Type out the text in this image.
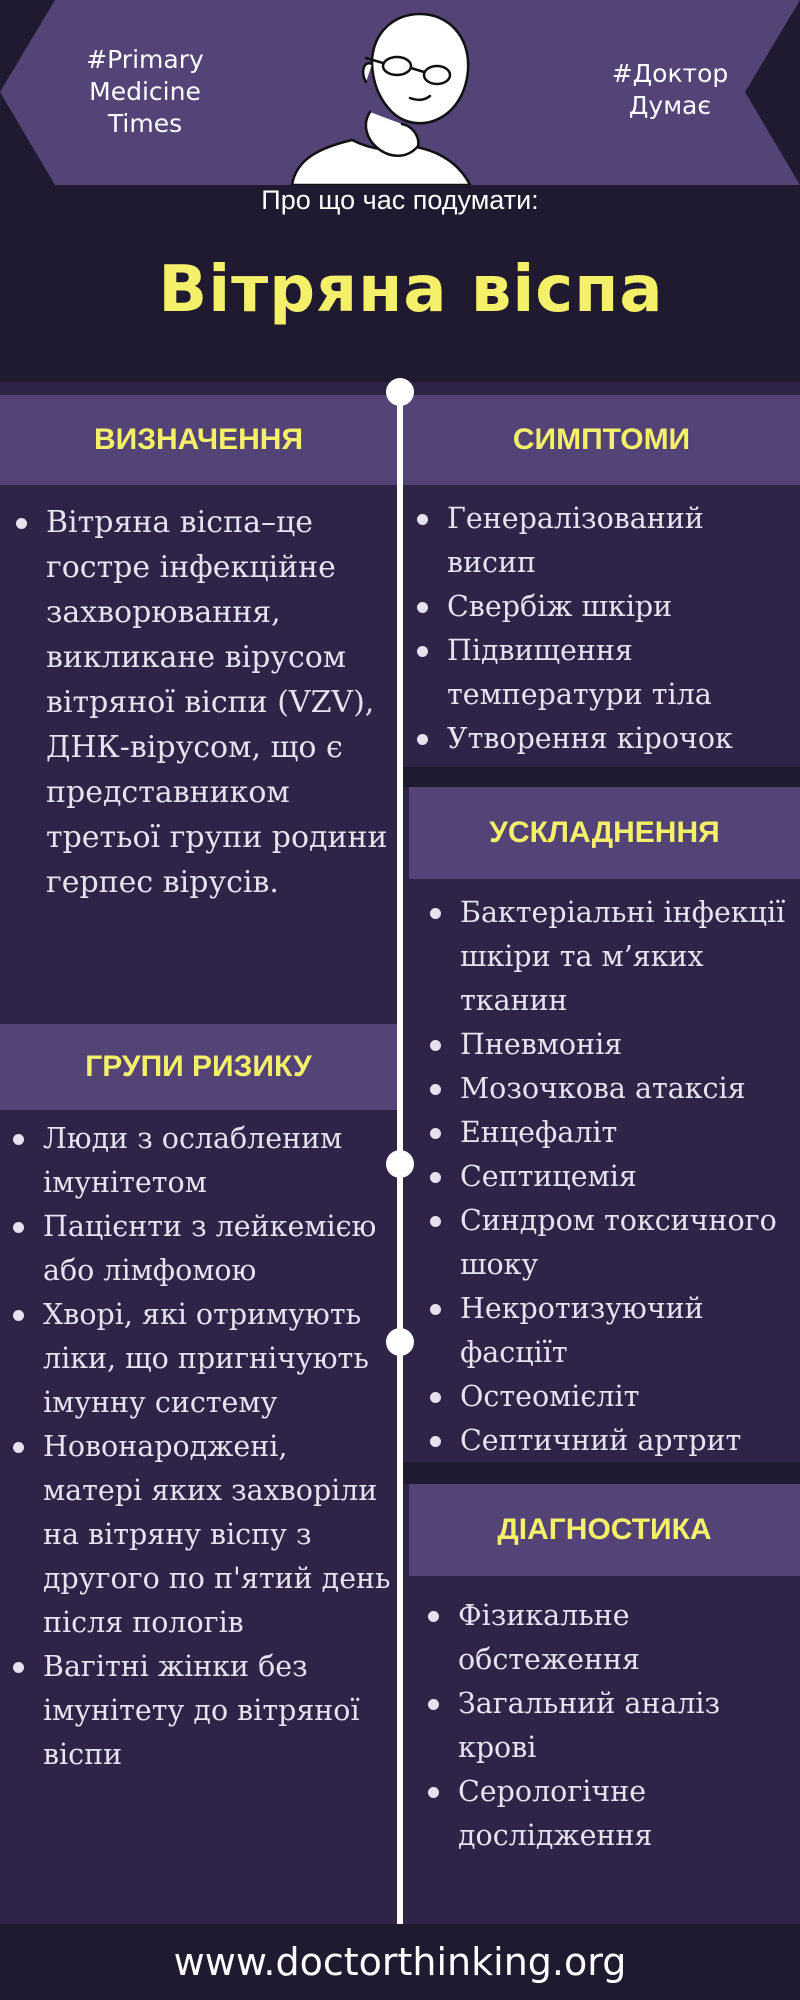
#Primary Medicine Times
#Доктор Думає
Про що час подумати:
Вітряна віспа
ВИЗНАЧЕННЯ
Вітряна віспа–це гостре інфекційне захворювання, викликане вірусом вітряної віспи (VZV), ДНК-вірусом, що є представником третьої групи родини герпес вірусів.
ГРУПИ РИЗИКУ
Люди з ослабленим імунітетом
Пацієнти з лейкемією або лімфомою
Хворі, які отримують ліки, що пригнічують імунну систему
Новонароджені, матері яких захворіли на вітряну віспу з другого по п'ятий день після пологів
Вагітні жінки без імунітету до вітряної віспи
СИМПТОМИ
Генералізований висип
Свербіж шкіри
Підвищення температури тіла
Утворення кірочок
УСКЛАДНЕННЯ
Бактеріальні інфекції шкіри та м’яких тканин
Пневмонія
Мозочкова атаксія
Енцефаліт
Септицемія
Синдром токсичного шоку
Некротизуючий фасціїт
Остеомієліт
Септичний артрит
ДІАГНОСТИКА
Фізикальне обстеження
Загальний аналіз крові
Серологічне дослідження
www.doctorthinking.org
